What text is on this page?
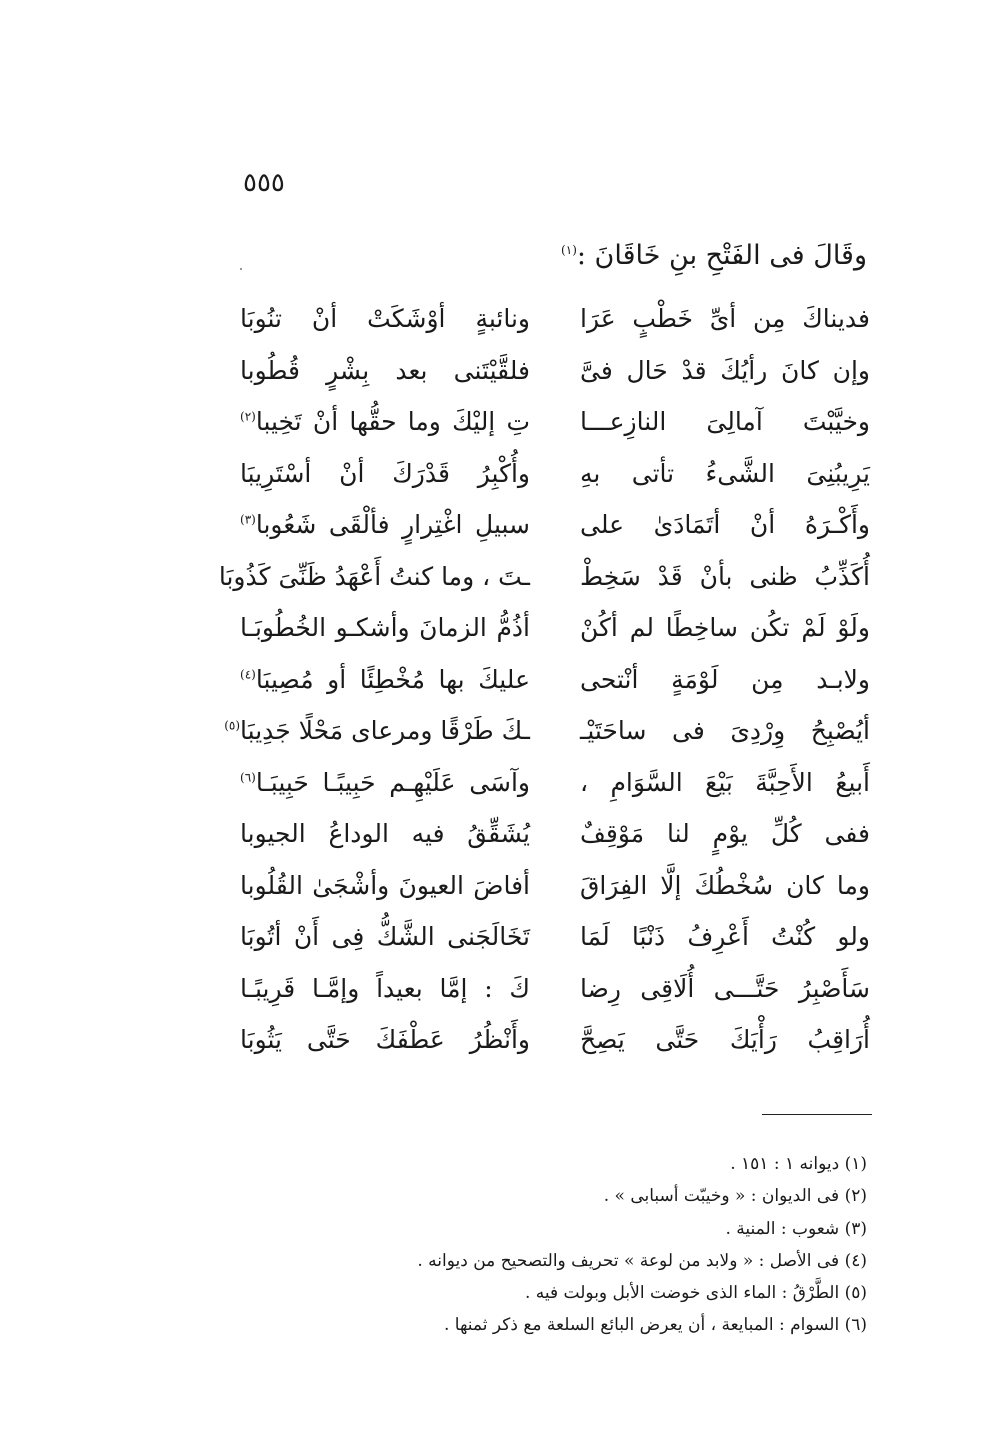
٥٥٥
وقَالَ فى الفَتْحِ بنِ خَاقَانَ :$^{(١)}$
فديناكَ مِن أىِّ خَطْبٍ عَرَا
ونائبةٍ أوْشَكَتْ أنْ تنُوبَا
وإن كانَ رأيُكَ قدْ حَال فىَّ
فلقَّيْتَنى بعد بِشْرٍ قُطُوبا
وخيَّبْتَ آمالِىَ النازِعـــا
تِ إليْكَ وما حقُّها أنْ تَخِيبا$^{(٢)}$
يَرِيبُنِىَ الشَّىءُ تأتى بهِ
وأُكْبِرُ قَدْرَكَ أنْ أسْتَرِيبَا
وأَكْـرَهُ أنْ أتَمَادَىٰ على
سبيلِ اغْتِرارٍ فألْقَى شَعُوبا$^{(٣)}$
أُكَذِّبُ ظنى بأنْ قَدْ سَخِطْ
ـتَ ، وما كنتُ أَعْهَدُ ظَنِّىَ كَذُوبَا
ولَوْ لَمْ تكُن ساخِطًا لم أكُنْ
أذُمُّ الزمانَ وأشكـو الخُطُوبَـا
ولابـد مِن لَوْمَةٍ أنْتحى
عليكَ بها مُخْطِئًا أو مُصِيبَا$^{(٤)}$
أيُصْبِحُ وِرْدِىَ فى ساحَتَيْـ
ـكَ طَرْقًا ومرعاى مَحْلًا جَدِيبَا$^{(٥)}$
أَبيعُ الأَحِبَّةَ بَيْعَ السَّوَامِ ،
وآسَى عَلَيْهِـم حَبِيبًـا حَبِيبَـا$^{(٦)}$
ففى كُلِّ يوْمٍ لنا مَوْقِفٌ
يُشَقِّقُ فيه الوداعُ الجيوبا
وما كان سُخْطُكَ إلَّا الفِرَاقَ
أفاضَ العيونَ وأشْجَىٰ القُلُوبا
ولو كُنْتُ أَعْرِفُ ذَنْبًا لَمَا
تَخَالَجَنى الشَّكُّ فِى أَنْ أتُوبَا
سَأَصْبِرُ حَتَّـــى أُلَاقِى رِضا
كَ : إمَّا بعيداً وإمَّـا قَرِيبًـا
أُرَاقِبُ رَأْيَكَ حَتَّى يَصِحَّ
وأَنْظُرُ عَطْفَكَ حَتَّى يَثُوبَا
(١) ديوانه ١ : ١٥١ .
(٢) فى الديوان : « وخيبّت أسبابى » .
(٣) شعوب : المنية .
(٤) فى الأصل : « ولابد من لوعة » تحريف والتصحيح من ديوانه .
(٥) الطَّرْقُ : الماء الذى خوضت الأبل وبولت فيه .
(٦) السوام : المبايعة ، أن يعرض البائع السلعة مع ذكر ثمنها .
